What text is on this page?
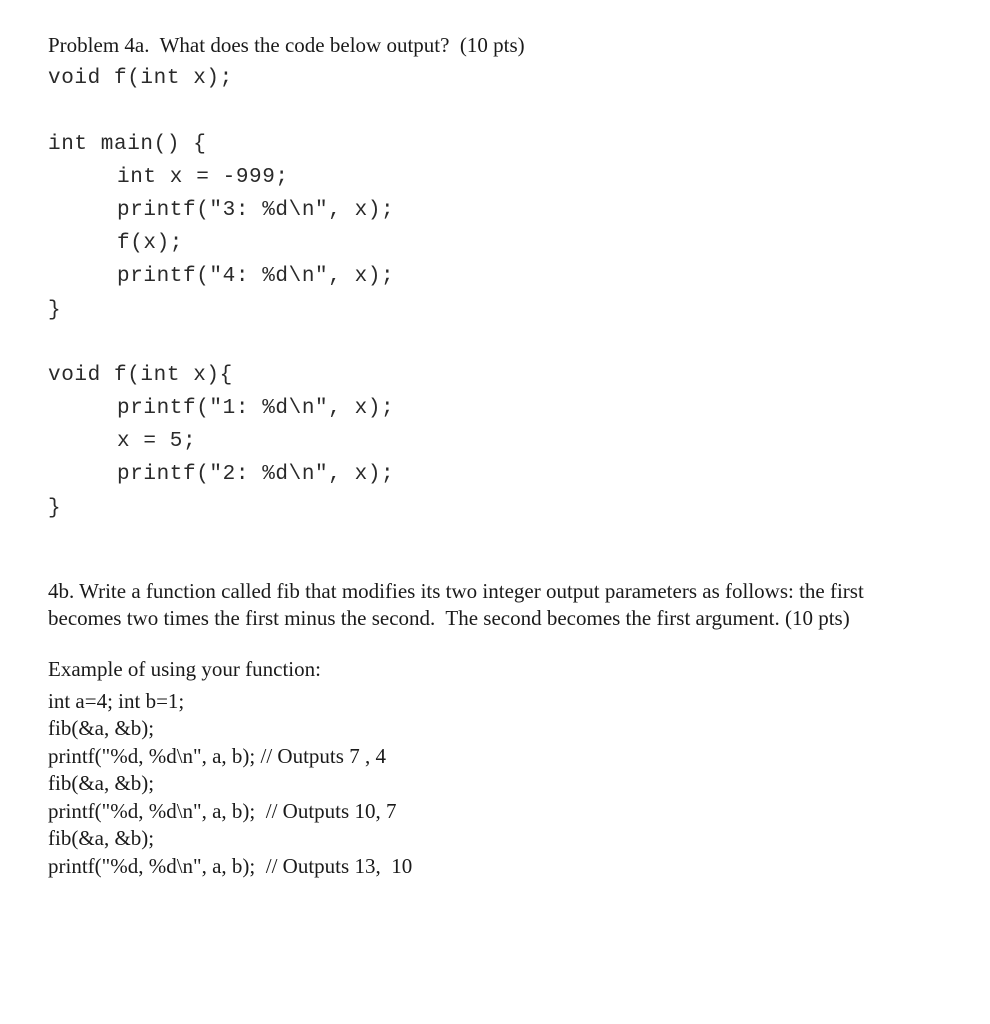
Problem 4a.  What does the code below output?  (10 pts)
void f(int x);
int main() {
int x = -999;
printf("3: %d\n", x);
f(x);
printf("4: %d\n", x);
}
void f(int x){
printf("1: %d\n", x);
x = 5;
printf("2: %d\n", x);
}
4b. Write a function called fib that modifies its two integer output parameters as follows: the first
becomes two times the first minus the second.  The second becomes the first argument. (10 pts)
Example of using your function:
int a=4; int b=1;
fib(&a, &b);
printf("%d, %d\n", a, b); // Outputs 7 , 4
fib(&a, &b);
printf("%d, %d\n", a, b);  // Outputs 10, 7
fib(&a, &b);
printf("%d, %d\n", a, b);  // Outputs 13,  10
